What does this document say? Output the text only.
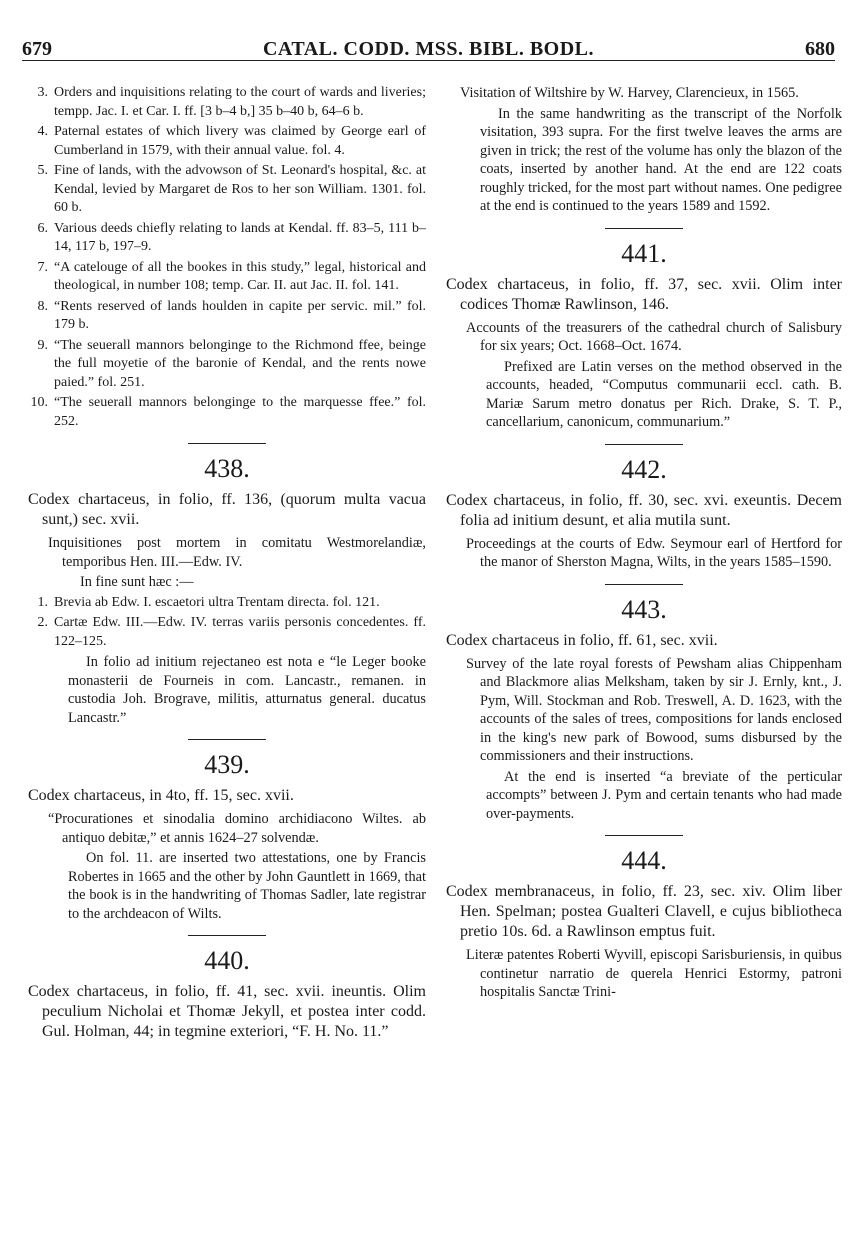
679	CATAL. CODD. MSS. BIBL. BODL.	680
3. Orders and inquisitions relating to the court of wards and liveries; tempp. Jac. I. et Car. I. ff. [3 b–4 b,] 35 b–40 b, 64–6 b.
4. Paternal estates of which livery was claimed by George earl of Cumberland in 1579, with their annual value. fol. 4.
5. Fine of lands, with the advowson of St. Leonard's hospital, &c. at Kendal, levied by Margaret de Ros to her son William. 1301. fol. 60 b.
6. Various deeds chiefly relating to lands at Kendal. ff. 83–5, 111 b–14, 117 b, 197–9.
7. “A catelouge of all the bookes in this study,” legal, historical and theological, in number 108; temp. Car. II. aut Jac. II. fol. 141.
8. “Rents reserved of lands houlden in capite per servic. mil.” fol. 179 b.
9. “The seuerall mannors belonginge to the Richmond ffee, beinge the full moyetie of the baronie of Kendal, and the rents nowe paied.” fol. 251.
10. “The seuerall mannors belonginge to the marquesse ffee.” fol. 252.
438.

Codex chartaceus, in folio, ff. 136, (quorum multa vacua sunt,) sec. xvii.

Inquisitiones post mortem in comitatu Westmorelandiæ, temporibus Hen. III.—Edw. IV.

In fine sunt hæc :—

1. Brevia ab Edw. I. escaetori ultra Trentam directa. fol. 121.
2. Cartæ Edw. III.—Edw. IV. terras variis personis concedentes. ff. 122–125.

In folio ad initium rejectaneo est nota e “le Leger booke monasterii de Fourneis in com. Lancastr., remanen. in custodia Joh. Brograve, militis, atturnatus general. ducatus Lancastr.”

439.

Codex chartaceus, in 4to, ff. 15, sec. xvii.

“Procurationes et sinodalia domino archidiacono Wiltes. ab antiquo debitæ,” et annis 1624–27 solvendæ.

On fol. 11. are inserted two attestations, one by Francis Robertes in 1665 and the other by John Gauntlett in 1669, that the book is in the handwriting of Thomas Sadler, late registrar to the archdeacon of Wilts.

440.

Codex chartaceus, in folio, ff. 41, sec. xvii. ineuntis. Olim peculium Nicholai et Thomæ Jekyll, et postea inter codd. Gul. Holman, 44; in tegmine exteriori, “F. H. No. 11.”

Visitation of Wiltshire by W. Harvey, Clarencieux, in 1565.

In the same handwriting as the transcript of the Norfolk visitation, 393 supra. For the first twelve leaves the arms are given in trick; the rest of the volume has only the blazon of the coats, inserted by another hand. At the end are 122 coats roughly tricked, for the most part without names. One pedigree at the end is continued to the years 1589 and 1592.

441.

Codex chartaceus, in folio, ff. 37, sec. xvii. Olim inter codices Thomæ Rawlinson, 146.

Accounts of the treasurers of the cathedral church of Salisbury for six years; Oct. 1668–Oct. 1674.

Prefixed are Latin verses on the method observed in the accounts, headed, “Computus communarii eccl. cath. B. Mariæ Sarum metro donatus per Rich. Drake, S. T. P., cancellarium, canonicum, communarium.”

442.

Codex chartaceus, in folio, ff. 30, sec. xvi. exeuntis. Decem folia ad initium desunt, et alia mutila sunt.

Proceedings at the courts of Edw. Seymour earl of Hertford for the manor of Sherston Magna, Wilts, in the years 1585–1590.

443.

Codex chartaceus in folio, ff. 61, sec. xvii.

Survey of the late royal forests of Pewsham alias Chippenham and Blackmore alias Melksham, taken by sir J. Ernly, knt., J. Pym, Will. Stockman and Rob. Treswell, A. D. 1623, with the accounts of the sales of trees, compositions for lands enclosed in the king's new park of Bowood, sums disbursed by the commissioners and their instructions.

At the end is inserted “a breviate of the perticular accompts” between J. Pym and certain tenants who had made over-payments.

444.

Codex membranaceus, in folio, ff. 23, sec. xiv. Olim liber Hen. Spelman; postea Gualteri Clavell, e cujus bibliotheca pretio 10s. 6d. a Rawlinson emptus fuit.

Literæ patentes Roberti Wyvill, episcopi Sarisburiensis, in quibus continetur narratio de querela Henrici Estormy, patroni hospitalis Sanctæ Trini-
